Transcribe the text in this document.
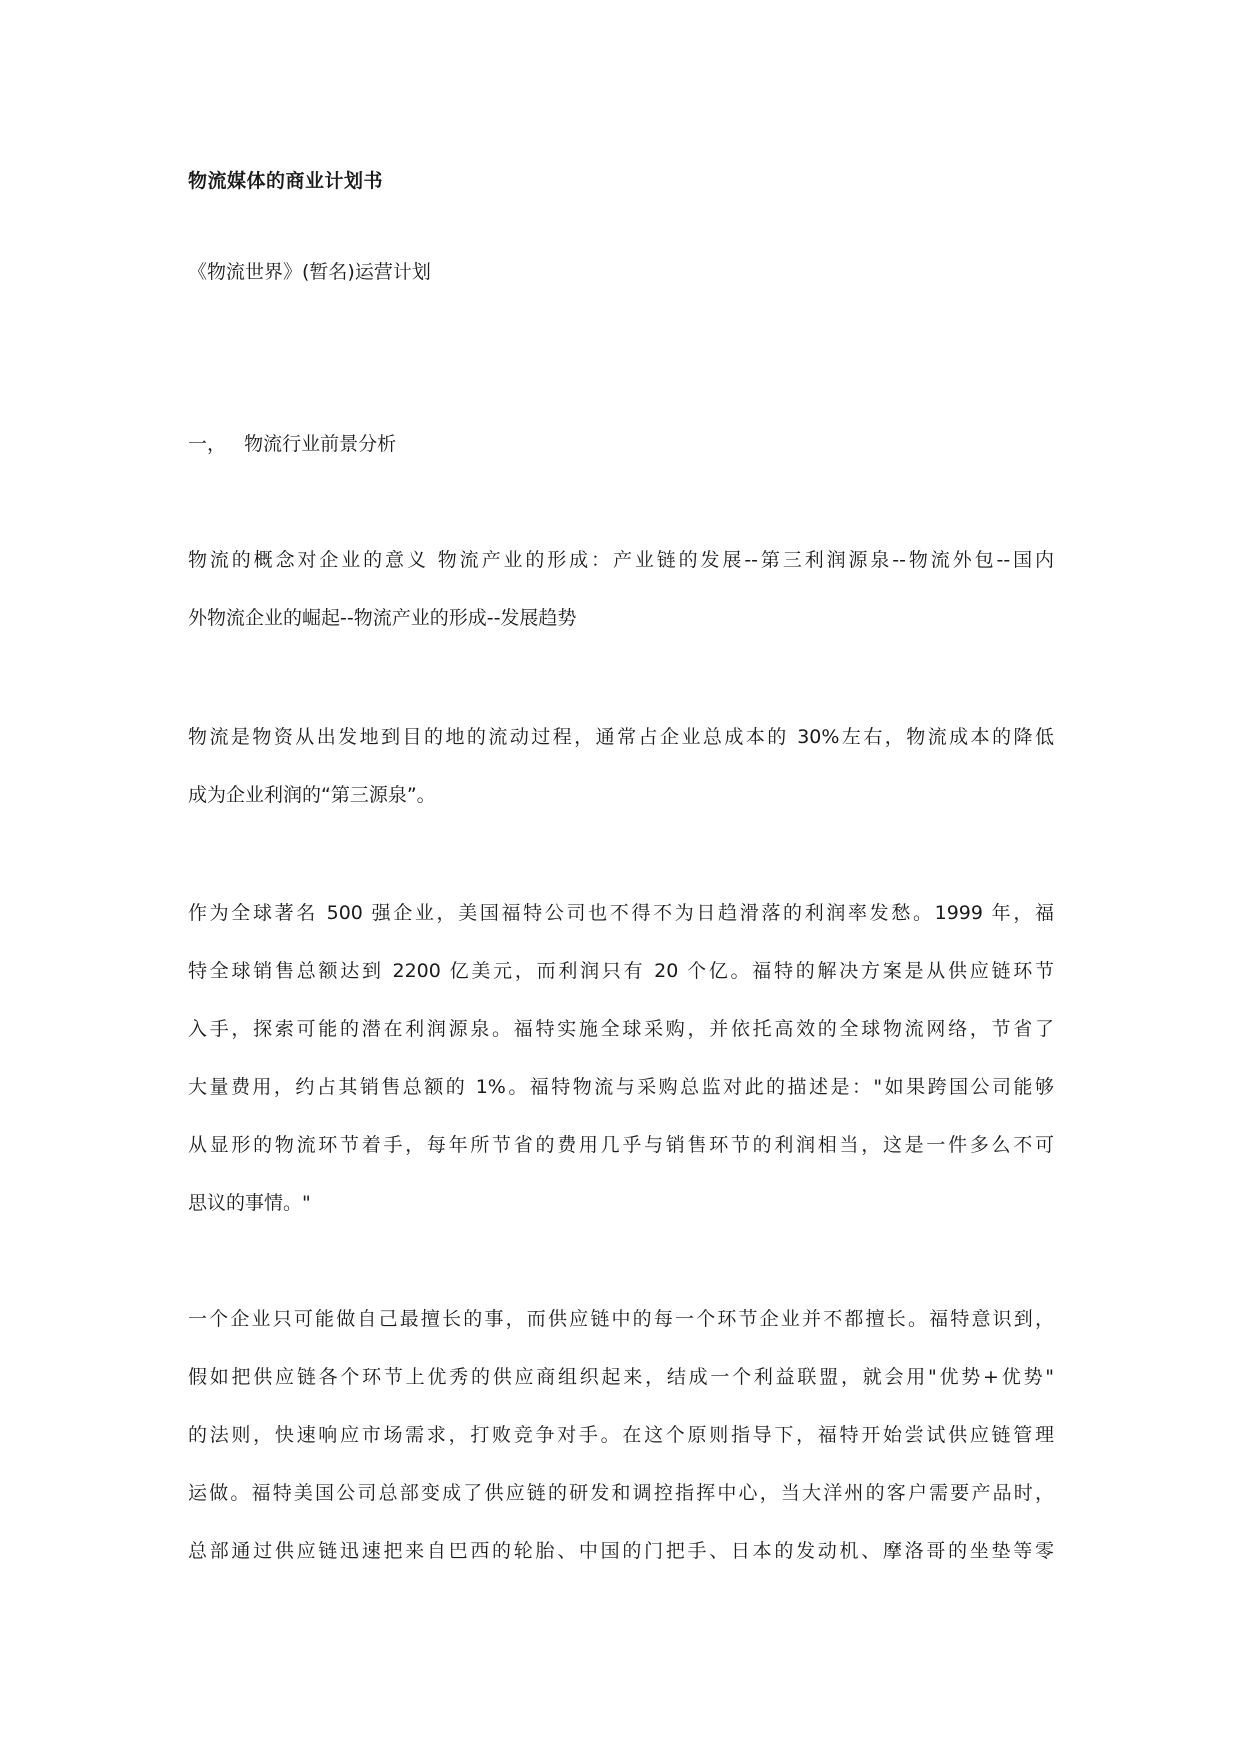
物流媒体的商业计划书

《物流世界》(暂名)运营计划

一，   物流行业前景分析

物流的概念对企业的意义 物流产业的形成：产业链的发展--第三利润源泉--物流外包--国内
外物流企业的崛起--物流产业的形成--发展趋势

物流是物资从出发地到目的地的流动过程，通常占企业总成本的 30%左右，物流成本的降低
成为企业利润的“第三源泉”。

作为全球著名 500 强企业，美国福特公司也不得不为日趋滑落的利润率发愁。1999 年，福
特全球销售总额达到 2200 亿美元，而利润只有 20 个亿。福特的解决方案是从供应链环节
入手，探索可能的潜在利润源泉。福特实施全球采购，并依托高效的全球物流网络，节省了
大量费用，约占其销售总额的 1%。福特物流与采购总监对此的描述是："如果跨国公司能够
从显形的物流环节着手，每年所节省的费用几乎与销售环节的利润相当，这是一件多么不可
思议的事情。"

一个企业只可能做自己最擅长的事，而供应链中的每一个环节企业并不都擅长。福特意识到，
假如把供应链各个环节上优秀的供应商组织起来，结成一个利益联盟，就会用"优势+优势"
的法则，快速响应市场需求，打败竞争对手。在这个原则指导下，福特开始尝试供应链管理
运做。福特美国公司总部变成了供应链的研发和调控指挥中心，当大洋州的客户需要产品时，
总部通过供应链迅速把来自巴西的轮胎、中国的门把手、日本的发动机、摩洛哥的坐垫等零
